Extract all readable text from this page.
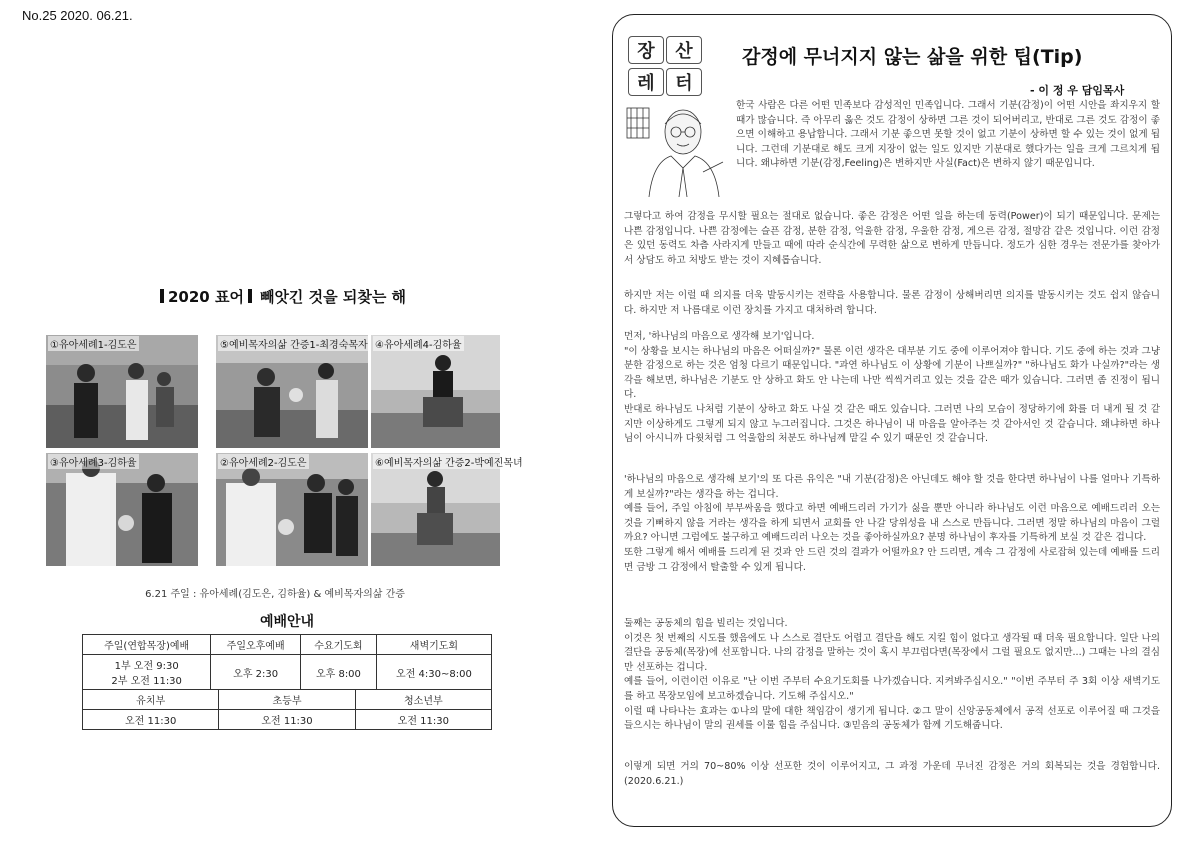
No.25 2020. 06.21.
2020 표어 빼앗긴 것을 되찾는 해
①유아세례1-김도은	⑤예비목자의삶 간증1-최경숙목자 ④유아세례4-김하율
③유아세례3-김하율	②유아세례2-김도은	⑥예비목자의삶 간증2-박예진목녀
6.21 주일 : 유아세례(김도은, 김하율) & 예비목자의삶 간증
예배안내
주일(연합목장)예배	주일오후예배	수요기도회	새벽기도회

1부 오전 9:30
2부 오전 11:30	오후 2:30	오후 8:00	오전 4:30~8:00
유치부	초등부	청소년부
오전 11:30	오전 11:30	오전 11:30
장	산
레	터
감정에 무너지지 않는 삶을 위한 팁(Tip)
- 이 정 우 담임목사

한국 사람은 다른 어떤 민족보다 감성적인 민족입니다. 그래서 기분(감정)이 어떤 시안을 좌지우지 할 때가 많습니다. 즉 아무리 옳은 것도 감정이 상하면 그른 것이 되어버리고, 반대로 그른 것도 감정이 좋으면 이해하고 용납합니다. 그래서 기분 좋으면 못할 것이 없고 기분이 상하면 할 수 있는 것이 없게 됩니다. 그런데 기분대로 해도 크게 지장이 없는 일도 있지만 기분대로 했다가는 일을 크게 그르치게 됩니다. 왜냐하면 기분(감정,Feeling)은 변하지만 사실(Fact)은 변하지 않기 때문입니다.

그렇다고 하여 감정을 무시할 필요는 절대로 없습니다. 좋은 감정은 어떤 일을 하는데 동력(Power)이 되기 때문입니다. 문제는 나쁜 감정입니다. 나쁜 감정에는 슬픈 감정, 분한 감정, 억울한 감정, 우울한 감정, 게으른 감정, 절망감 같은 것입니다. 이런 감정은 있던 동력도 차츰 사라지게 만들고 때에 따라 순식간에 무력한 삶으로 변하게 만듭니다. 정도가 심한 경우는 전문가를 찾아가서 상담도 하고 처방도 받는 것이 지혜롭습니다.

하지만 저는 이럴 때 의지를 더욱 발동시키는 전략을 사용합니다. 물론 감정이 상해버리면 의지를 발동시키는 것도 쉽지 않습니다. 하지만 저 나름대로 이런 장치를 가지고 대처하려 합니다.

먼저, '하나님의 마음으로 생각해 보기'입니다.
"이 상황을 보시는 하나님의 마음은 어떠실까?" 물론 이런 생각은 대부분 기도 중에 이루어져야 합니다. 기도 중에 하는 것과 그냥 분한 감정으로 하는 것은 엄청 다르기 때문입니다. "과연 하나님도 이 상황에 기분이 나쁘실까?" "하나님도 화가 나실까?"라는 생각을 해보면, 하나님은 기분도 안 상하고 화도 안 나는데 나만 씩씩거리고 있는 것을 같은 때가 있습니다. 그러면 좀 진정이 됩니다.
반대로 하나님도 나처럼 기분이 상하고 화도 나실 것 같은 때도 있습니다. 그러면 나의 모습이 정당하기에 화를 더 내게 될 것 같지만 이상하게도 그렇게 되지 않고 누그러집니다. 그것은 하나님이 내 마음을 알아주는 것 같아서인 것 같습니다. 왜냐하면 하나님이 아시니까 다윗처럼 그 억울함의 처분도 하나님께 맡길 수 있기 때문인 것 같습니다.

'하나님의 마음으로 생각해 보기'의 또 다른 유익은 "내 기분(감정)은 아닌데도 해야 할 것을 한다면 하나님이 나를 얼마나 기특하게 보실까?"라는 생각을 하는 겁니다.
예를 들어, 주일 아침에 부부싸움을 했다고 하면 예배드리러 가기가 싫을 뿐만 아니라 하나님도 이런 마음으로 예배드리러 오는 것을 기뻐하지 않을 거라는 생각을 하게 되면서 교회를 안 나갈 당위성을 내 스스로 만듭니다. 그러면 정말 하나님의 마음이 그럴까요? 아니면 그럼에도 불구하고 예배드리러 나오는 것을 좋아하실까요? 분명 하나님이 후자를 기특하게 보실 것 같은 겁니다.
또한 그렇게 해서 예배를 드리게 된 것과 안 드린 것의 결과가 어떨까요? 안 드리면, 계속 그 감정에 사로잡혀 있는데 예배를 드리면 금방 그 감정에서 탈출할 수 있게 됩니다.

둘째는 공동체의 힘을 빌리는 것입니다.
이것은 첫 번째의 시도를 했음에도 나 스스로 결단도 어렵고 결단을 해도 지킬 힘이 없다고 생각될 때 더욱 필요합니다. 일단 나의 결단을 공동체(목장)에 선포합니다. 나의 감정을 말하는 것이 혹시 부끄럽다면(목장에서 그럴 필요도 없지만...) 그때는 나의 결심만 선포하는 겁니다.
예를 들어, 이런이런 이유로 "난 이번 주부터 수요기도회를 나가겠습니다. 지켜봐주십시오." "이번 주부터 주 3회 이상 새벽기도를 하고 목장모임에 보고하겠습니다. 기도해 주십시오."
이럴 때 나타나는 효과는 ①나의 말에 대한 책임감이 생기게 됩니다. ②그 말이 신앙공동체에서 공적 선포로 이루어질 때 그것을 들으시는 하나님이 말의 권세를 이룰 힘을 주십니다. ③믿음의 공동체가 함께 기도해줍니다.

이렇게 되면 거의 70~80% 이상 선포한 것이 이루어지고, 그 과정 가운데 무너진 감정은 거의 회복되는 것을 경험합니다.(2020.6.21.)
